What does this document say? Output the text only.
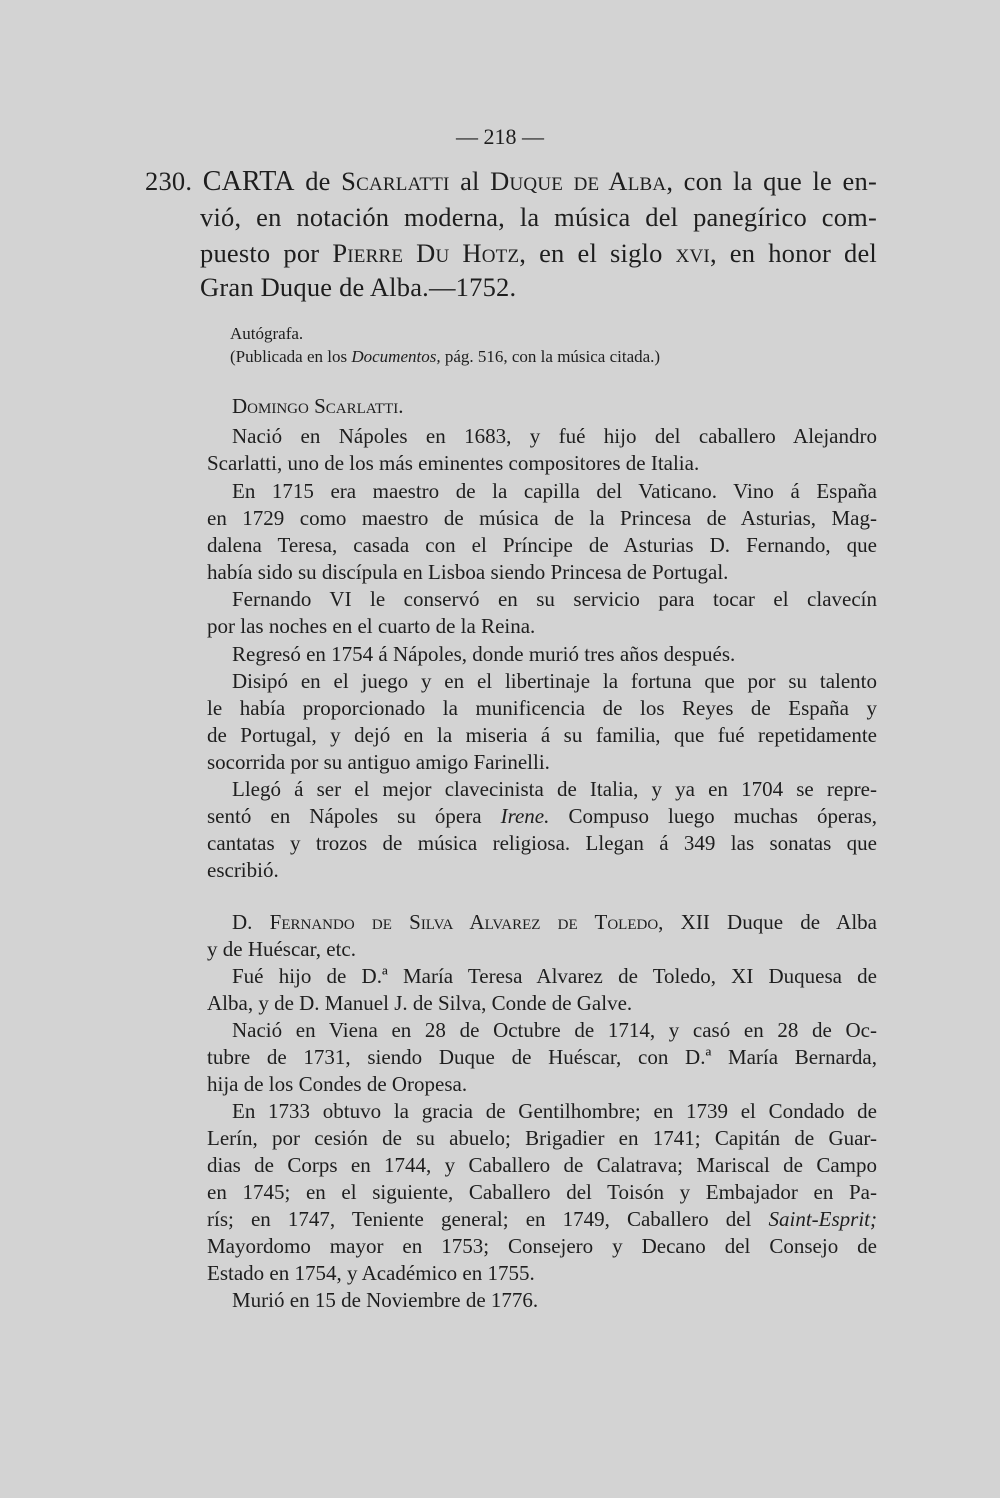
— 218 —
230. CARTA de Scarlatti al Duque de Alba, con la que le en-
vió, en notación moderna, la música del panegírico com-
puesto por Pierre Du Hotz, en el siglo xvi, en honor del
Gran Duque de Alba.—1752.
Autógrafa.
(Publicada en los Documentos, pág. 516, con la música citada.)
Domingo Scarlatti.
Nació en Nápoles en 1683, y fué hijo del caballero Alejandro
Scarlatti, uno de los más eminentes compositores de Italia.
En 1715 era maestro de la capilla del Vaticano. Vino á España
en 1729 como maestro de música de la Princesa de Asturias, Mag-
dalena Teresa, casada con el Príncipe de Asturias D. Fernando, que
había sido su discípula en Lisboa siendo Princesa de Portugal.
Fernando VI le conservó en su servicio para tocar el clavecín
por las noches en el cuarto de la Reina.
Regresó en 1754 á Nápoles, donde murió tres años después.
Disipó en el juego y en el libertinaje la fortuna que por su talento
le había proporcionado la munificencia de los Reyes de España y
de Portugal, y dejó en la miseria á su familia, que fué repetidamente
socorrida por su antiguo amigo Farinelli.
Llegó á ser el mejor clavecinista de Italia, y ya en 1704 se repre-
sentó en Nápoles su ópera Irene. Compuso luego muchas óperas,
cantatas y trozos de música religiosa. Llegan á 349 las sonatas que
escribió.
D. Fernando de Silva Alvarez de Toledo, XII Duque de Alba
y de Huéscar, etc.
Fué hijo de D.ª María Teresa Alvarez de Toledo, XI Duquesa de
Alba, y de D. Manuel J. de Silva, Conde de Galve.
Nació en Viena en 28 de Octubre de 1714, y casó en 28 de Oc-
tubre de 1731, siendo Duque de Huéscar, con D.ª María Bernarda,
hija de los Condes de Oropesa.
En 1733 obtuvo la gracia de Gentilhombre; en 1739 el Condado de
Lerín, por cesión de su abuelo; Brigadier en 1741; Capitán de Guar-
dias de Corps en 1744, y Caballero de Calatrava; Mariscal de Campo
en 1745; en el siguiente, Caballero del Toisón y Embajador en Pa-
rís; en 1747, Teniente general; en 1749, Caballero del Saint-Esprit;
Mayordomo mayor en 1753; Consejero y Decano del Consejo de
Estado en 1754, y Académico en 1755.
Murió en 15 de Noviembre de 1776.
